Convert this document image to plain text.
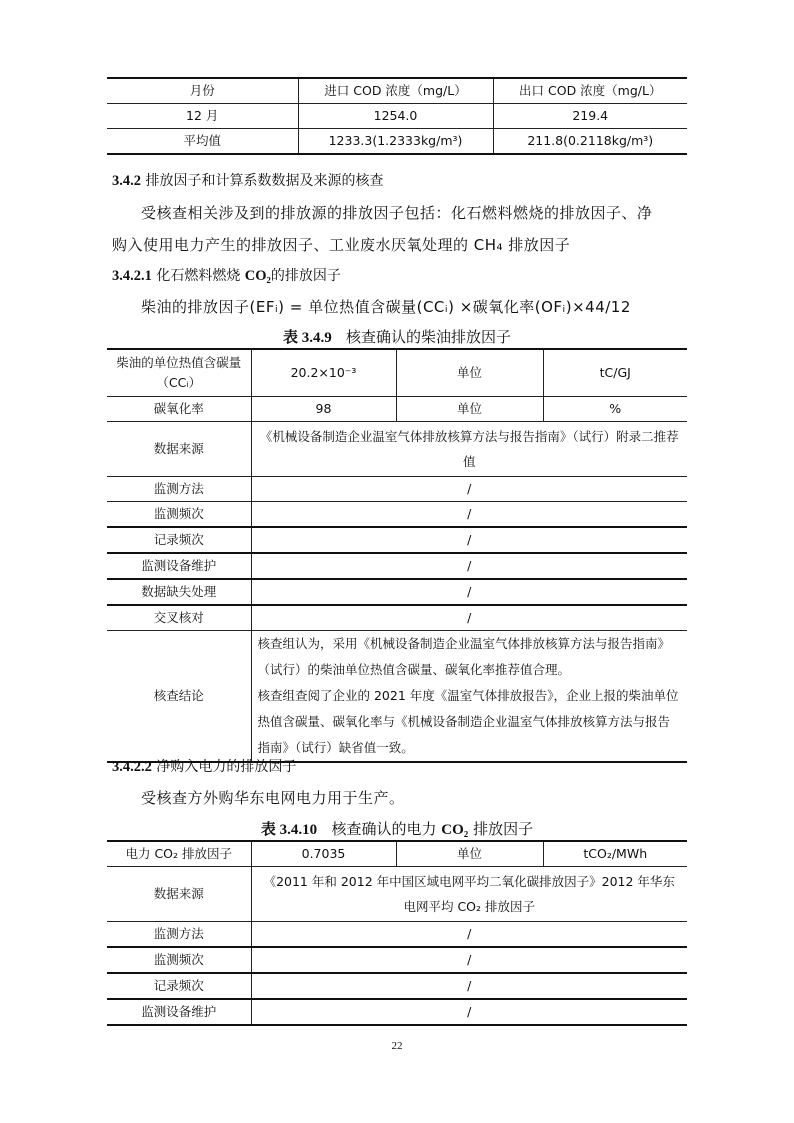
月份	进口 COD 浓度（mg/L）	出口 COD 浓度（mg/L）
12 月	1254.0	219.4
平均值	1233.3(1.2333kg/m³)	211.8(0.2118kg/m³)
3.4.2 排放因子和计算系数数据及来源的核查
受核查相关涉及到的排放源的排放因子包括：化石燃料燃烧的排放因子、净
购入使用电力产生的排放因子、工业废水厌氧处理的 CH₄ 排放因子
3.4.2.1 化石燃料燃烧 CO₂的排放因子
柴油的排放因子(EFᵢ) = 单位热值含碳量(CCᵢ) ×碳氧化率(OFᵢ)×44/12
表 3.4.9 核查确认的柴油排放因子
柴油的单位热值含碳量（CCᵢ）	20.2×10⁻³	单位	tC/GJ
碳氧化率	98	单位	%
数据来源	《机械设备制造企业温室气体排放核算方法与报告指南》（试行）附录二推荐值		
监测方法	/		
监测频次	/		
记录频次	/		
监测设备维护	/		
数据缺失处理	/		
交叉核对	/		
核查结论	核查组认为，采用《机械设备制造企业温室气体排放核算方法与报告指南》（试行）的柴油单位热值含碳量、碳氧化率推荐值合理。
核查组查阅了企业的 2021 年度《温室气体排放报告》，企业上报的柴油单位热值含碳量、碳氧化率与《机械设备制造企业温室气体排放核算方法与报告指南》（试行）缺省值一致。		
3.4.2.2 净购入电力的排放因子
受核查方外购华东电网电力用于生产。
表 3.4.10 核查确认的电力 CO₂ 排放因子
电力 CO₂ 排放因子	0.7035	单位	tCO₂/MWh
数据来源	《2011 年和 2012 年中国区域电网平均二氧化碳排放因子》2012 年华东电网平均 CO₂ 排放因子		
监测方法	/		
监测频次	/		
记录频次	/		
监测设备维护	/		
22
